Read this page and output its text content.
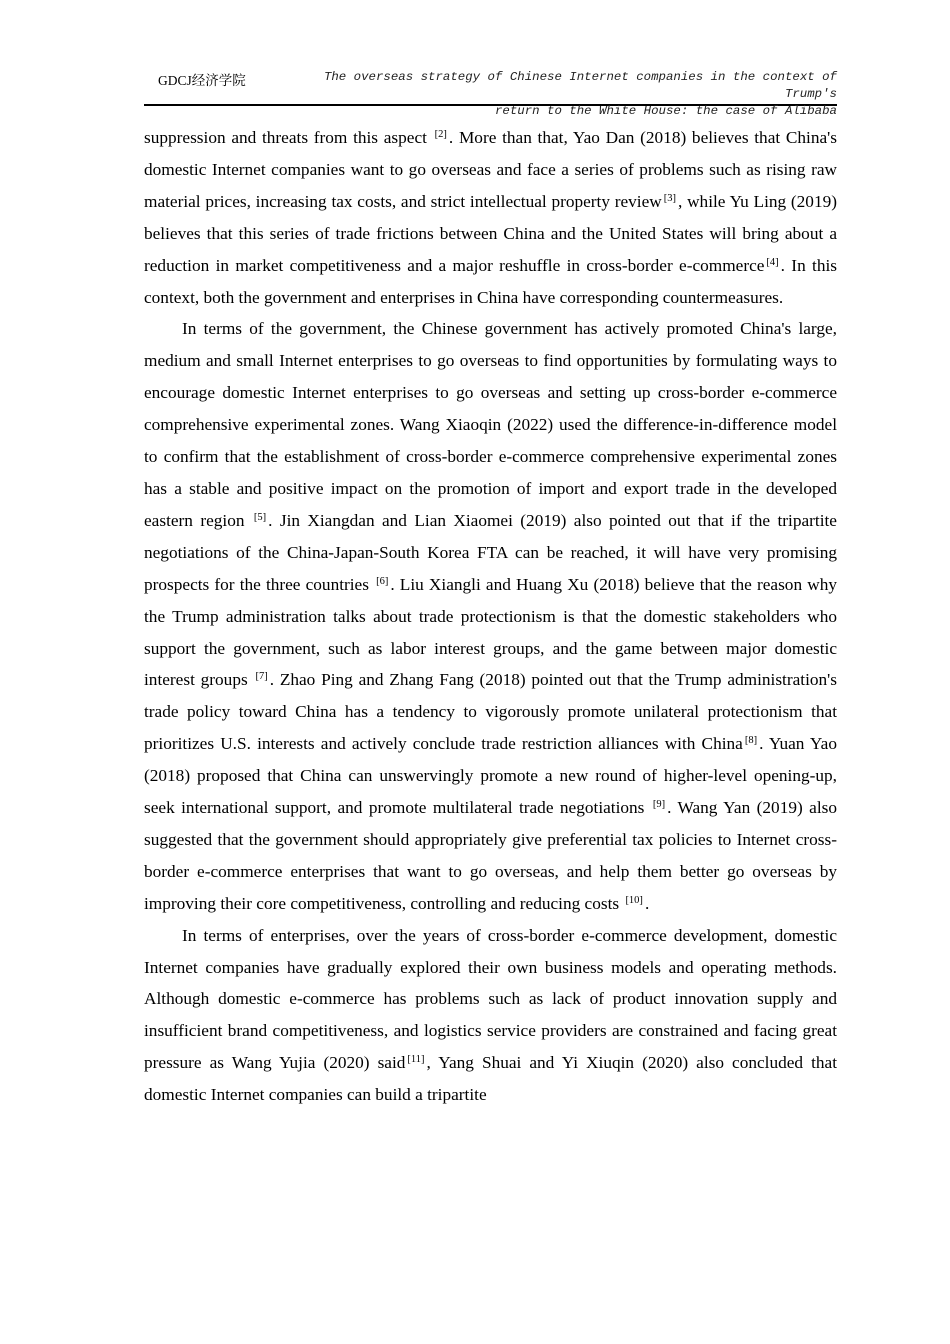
GDCJ经济学院	The overseas strategy of Chinese Internet companies in the context of Trump's
return to the White House: the case of Alibaba

suppression and threats from this aspect [2] . More than that, Yao Dan (2018) believes that China's domestic Internet companies want to go overseas and face a series of problems such as rising raw material prices, increasing tax costs, and strict intellectual property review [3] , while Yu Ling (2019) believes that this series of trade frictions between China and the United States will bring about a reduction in market competitiveness and a major reshuffle in cross-border e-commerce [4] . In this context, both the government and enterprises in China have corresponding countermeasures.

In terms of the government, the Chinese government has actively promoted China's large, medium and small Internet enterprises to go overseas to find opportunities by formulating ways to encourage domestic Internet enterprises to go overseas and setting up cross-border e-commerce comprehensive experimental zones. Wang Xiaoqin (2022) used the difference-in-difference model to confirm that the establishment of cross-border e-commerce comprehensive experimental zones has a stable and positive impact on the promotion of import and export trade in the developed eastern region [5] . Jin Xiangdan and Lian Xiaomei (2019) also pointed out that if the tripartite negotiations of the China-Japan-South Korea FTA can be reached, it will have very promising prospects for the three countries [6] . Liu Xiangli and Huang Xu (2018) believe that the reason why the Trump administration talks about trade protectionism is that the domestic stakeholders who support the government, such as labor interest groups, and the game between major domestic interest groups [7] . Zhao Ping and Zhang Fang (2018) pointed out that the Trump administration's trade policy toward China has a tendency to vigorously promote unilateral protectionism that prioritizes U.S. interests and actively conclude trade restriction alliances with China [8] . Yuan Yao (2018) proposed that China can unswervingly promote a new round of higher-level opening-up, seek international support, and promote multilateral trade negotiations [9] . Wang Yan (2019) also suggested that the government should appropriately give preferential tax policies to Internet cross-border e-commerce enterprises that want to go overseas, and help them better go overseas by improving their core competitiveness, controlling and reducing costs [10] .

In terms of enterprises, over the years of cross-border e-commerce development, domestic Internet companies have gradually explored their own business models and operating methods. Although domestic e-commerce has problems such as lack of product innovation supply and insufficient brand competitiveness, and logistics service providers are constrained and facing great pressure as Wang Yujia (2020) said [11] , Yang Shuai and Yi Xiuqin (2020) also concluded that domestic Internet companies can build a tripartite
